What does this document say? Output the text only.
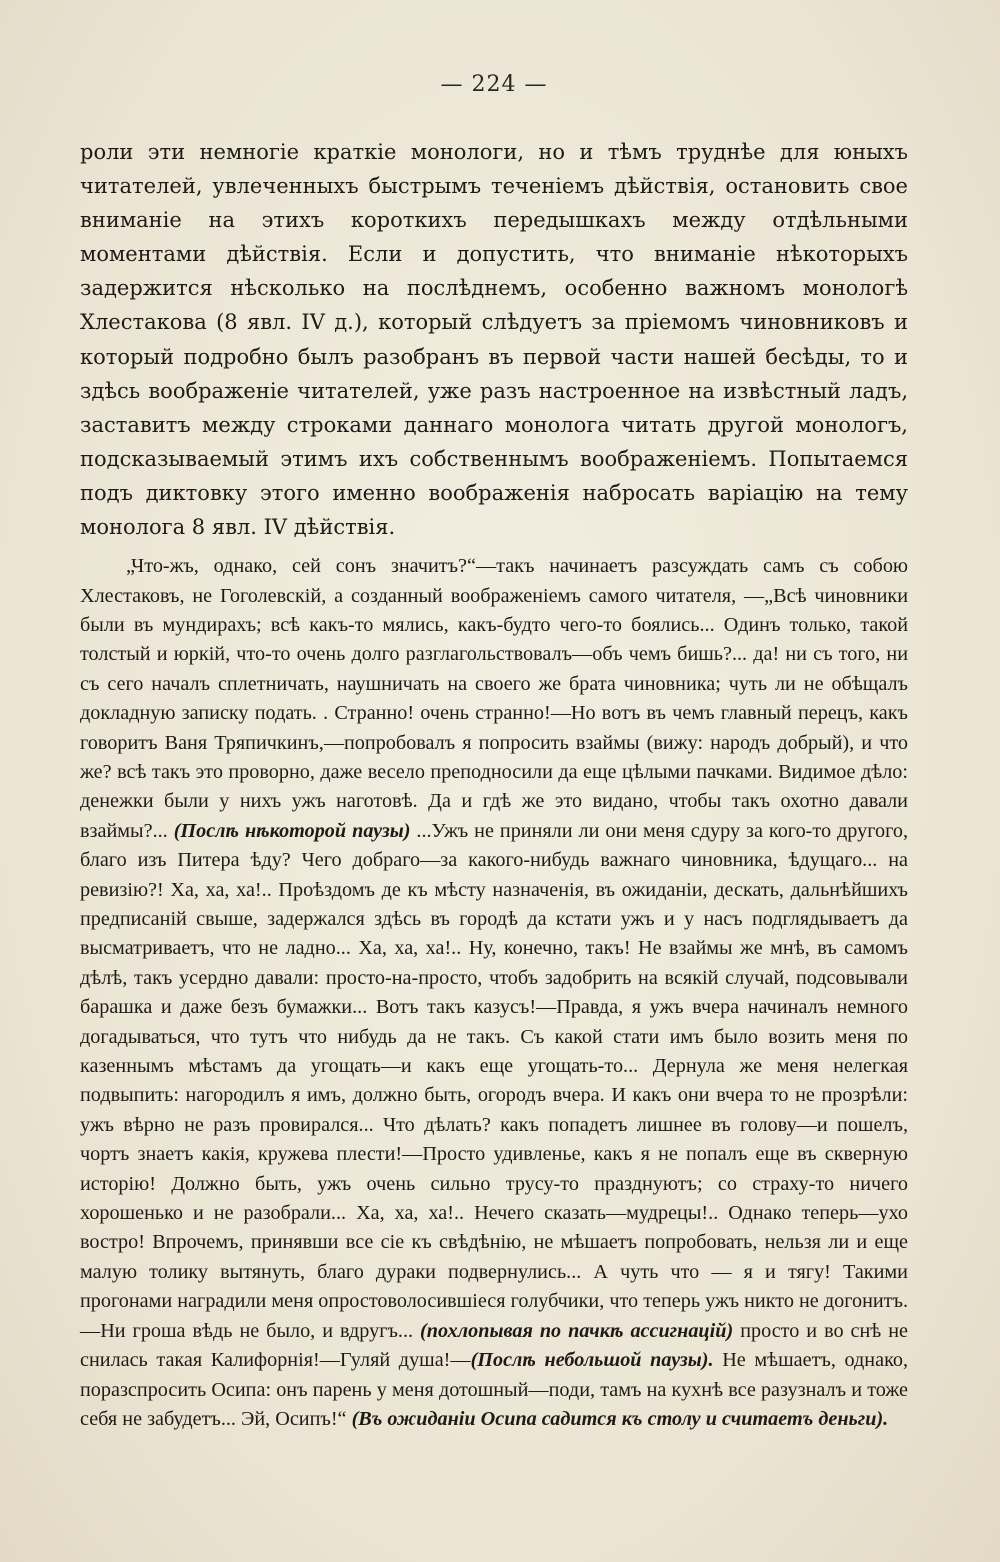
— 224 —

роли эти немногіе краткіе монологи, но и тѣмъ труднѣе для юныхъ читателей, увлеченныхъ быстрымъ теченіемъ дѣйствія, остановить свое вниманіе на этихъ короткихъ передышкахъ между отдѣльными моментами дѣйствія. Если и допустить, что вниманіе нѣкоторыхъ задержится нѣсколько на послѣднемъ, особенно важномъ монологѣ Хлестакова (8 явл. IV д.), который слѣдуетъ за пріемомъ чиновниковъ и который подробно былъ разобранъ въ первой части нашей бесѣды, то и здѣсь воображеніе читателей, уже разъ настроенное на извѣстный ладъ, заставитъ между строками даннаго монолога читать другой монологъ, подсказываемый этимъ ихъ собственнымъ воображеніемъ. Попытаемся подъ диктовку этого именно воображенія набросать варіацію на тему монолога 8 явл. IV дѣйствія.

„Что-жъ, однако, сей сонъ значитъ?“—такъ начинаетъ разсуждать самъ съ собою Хлестаковъ, не Гоголевскій, а созданный воображеніемъ самого читателя, —„Всѣ чиновники были въ мундирахъ; всѣ какъ-то мялись, какъ-будто чего-то боялись... Одинъ только, такой толстый и юркій, что-то очень долго разглагольствовалъ—объ чемъ бишь?... да! ни съ того, ни съ сего началъ сплетничать, наушничать на своего же брата чиновника; чуть ли не обѣщалъ докладную записку подать. . Странно! очень странно!—Но вотъ въ чемъ главный перецъ, какъ говоритъ Ваня Тряпичкинъ,—попробовалъ я попросить взаймы (вижу: народъ добрый), и что же? всѣ такъ это проворно, даже весело преподносили да еще цѣлыми пачками. Видимое дѣло: денежки были у нихъ ужъ наготовѣ. Да и гдѣ же это видано, чтобы такъ охотно давали взаймы?... (Послѣ нѣкоторой паузы) ...Ужъ не приняли ли они меня сдуру за кого-то другого, благо изъ Питера ѣду? Чего добраго—за какого-нибудь важнаго чиновника, ѣдущаго... на ревизію?! Ха, ха, ха!.. Проѣздомъ де къ мѣсту назначенія, въ ожиданіи, дескать, дальнѣйшихъ предписаній свыше, задержался здѣсь въ городѣ да кстати ужъ и у насъ подглядываетъ да высматриваетъ, что не ладно... Ха, ха, ха!.. Ну, конечно, такъ! Не взаймы же мнѣ, въ самомъ дѣлѣ, такъ усердно давали: просто-на-просто, чтобъ задобрить на всякій случай, подсовывали барашка и даже безъ бумажки... Вотъ такъ казусъ!—Правда, я ужъ вчера начиналъ немного догадываться, что тутъ что нибудь да не такъ. Съ какой стати имъ было возить меня по казеннымъ мѣстамъ да угощать—и какъ еще угощать-то... Дернула же меня нелегкая подвыпить: нагородилъ я имъ, должно быть, огородъ вчера. И какъ они вчера то не прозрѣли: ужъ вѣрно не разъ провирался... Что дѣлать? какъ попадетъ лишнее въ голову—и пошелъ, чортъ знаетъ какія, кружева плести!—Просто удивленье, какъ я не попалъ еще въ скверную исторію! Должно быть, ужъ очень сильно трусу-то празднуютъ; со страху-то ничего хорошенько и не разобрали... Ха, ха, ха!.. Нечего сказать—мудрецы!.. Однако теперь—ухо востро! Впрочемъ, принявши все сіе къ свѣдѣнію, не мѣшаетъ попробовать, нельзя ли и еще малую толику вытянуть, благо дураки подвернулись... А чуть что — я и тягу! Такими прогонами наградили меня опростоволосившіеся голубчики, что теперь ужъ никто не догонитъ.—Ни гроша вѣдь не было, и вдругъ... (похлопывая по пачкѣ ассигнацій) просто и во снѣ не снилась такая Калифорнія!—Гуляй душа!—(Послѣ небольшой паузы). Не мѣшаетъ, однако, поразспросить Осипа: онъ парень у меня дотошный—поди, тамъ на кухнѣ все разузналъ и тоже себя не забудетъ... Эй, Осипъ!“ (Въ ожиданіи Осипа садится къ столу и считаетъ деньги).
